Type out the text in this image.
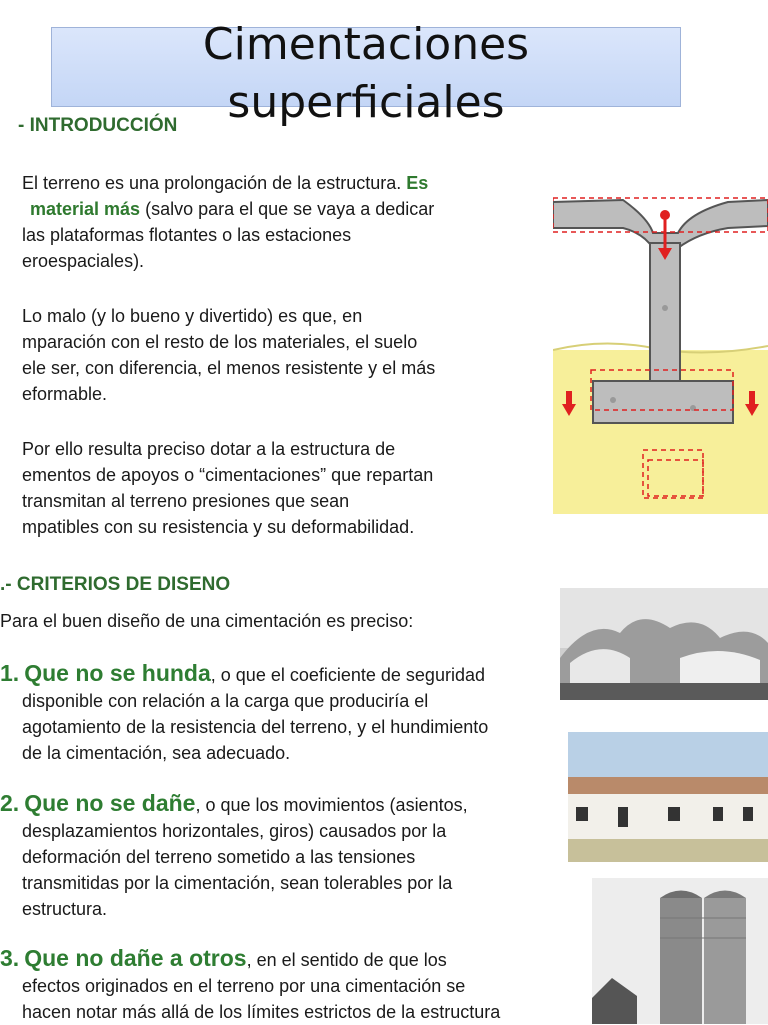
Cimentaciones
superficiales
- INTRODUCCIÓN
El terreno es una prolongación de la estructura. Es
material más (salvo para el que se vaya a dedicar
las plataformas flotantes o las estaciones
eroespaciales).
Lo malo (y lo bueno y divertido) es que, en
mparación con el resto de los materiales, el suelo
ele ser, con diferencia, el menos resistente y el más
eformable.
Por ello resulta preciso dotar a la estructura de
ementos de apoyos o “cimentaciones” que repartan
transmitan al terreno presiones que sean
mpatibles con su resistencia y su deformabilidad.
.- CRITERIOS DE DISENO
Para el buen diseño de una cimentación es preciso:
1. Que no se hunda, o que el coeficiente de seguridad
disponible con relación a la carga que produciría el
agotamiento de la resistencia del terreno, y el hundimiento
de la cimentación, sea adecuado.
2. Que no se dañe, o que los movimientos (asientos,
desplazamientos horizontales, giros) causados por la
deformación del terreno sometido a las tensiones
transmitidas por la cimentación, sean tolerables por la
estructura.
3. Que no dañe a otros, en el sentido de que los
efectos originados en el terreno por una cimentación se
hacen notar más allá de los límites estrictos de la estructura
